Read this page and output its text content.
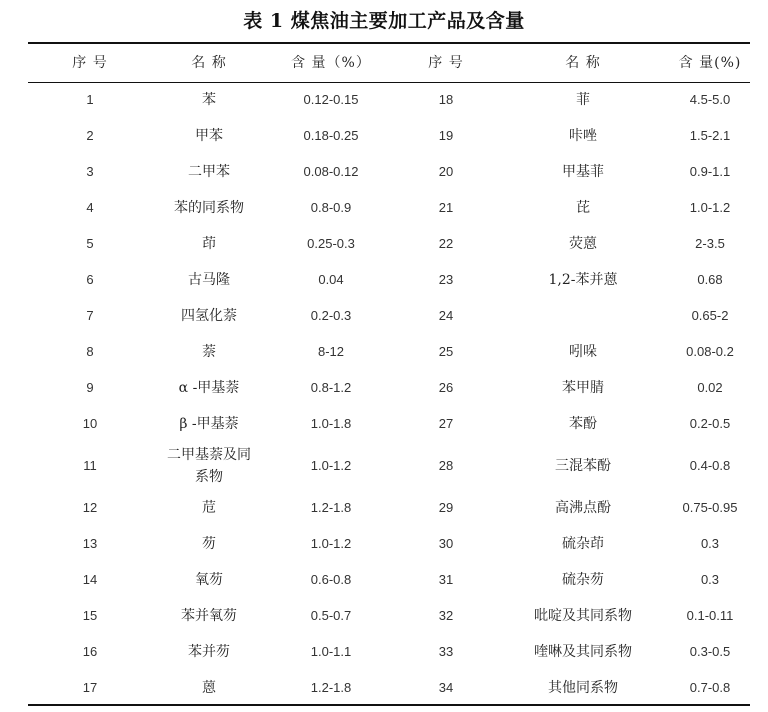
表 1 煤焦油主要加工产品及含量
序 号	名 称	含 量（%）	序 号	名 称	含 量(%)
1	苯	0.12-0.15	18	菲	4.5-5.0
2	甲苯	0.18-0.25	19	咔唑	1.5-2.1
3	二甲苯	0.08-0.12	20	甲基菲	0.9-1.1
4	苯的同系物	0.8-0.9	21	芘	1.0-1.2
5	茚	0.25-0.3	22	荧蒽	2-3.5
6	古马隆	0.04	23	1,2-苯并蒽	0.68
7	四氢化萘	0.2-0.3	24		0.65-2
8	萘	8-12	25	吲哚	0.08-0.2
9	α -甲基萘	0.8-1.2	26	苯甲腈	0.02
10	β -甲基萘	1.0-1.8	27	苯酚	0.2-0.5
11	二甲基萘及同
系物	1.0-1.2	28	三混苯酚	0.4-0.8
12	苊	1.2-1.8	29	高沸点酚	0.75-0.95
13	芴	1.0-1.2	30	硫杂茚	0.3
14	氧芴	0.6-0.8	31	硫杂芴	0.3
15	苯并氧芴	0.5-0.7	32	吡啶及其同系物	0.1-0.11
16	苯并芴	1.0-1.1	33	喹啉及其同系物	0.3-0.5
17	蒽	1.2-1.8	34	其他同系物	0.7-0.8
